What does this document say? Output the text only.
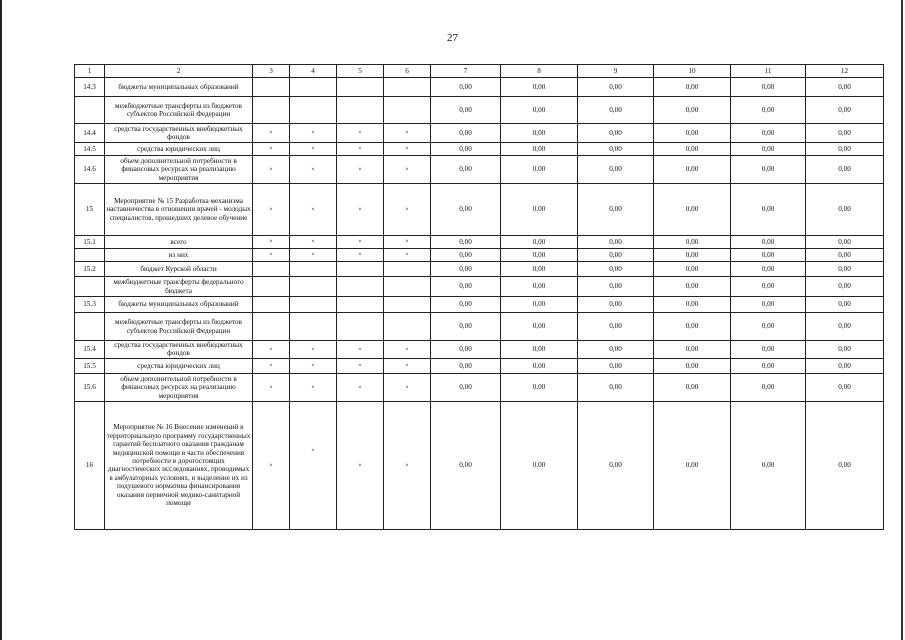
27
1	2	3	4	5	6	7	8	9	10	11	12
14.3	бюджеты муниципальных образований					0,00	0,00	0,00	0,00	0,00	0,00
	межбюджетные трансферты из бюджетов субъектов Российской Федерации					0,00	0,00	0,00	0,00	0,00	0,00
14.4	средства государственных внебюджетных фондов	×	×	×	×	0,00	0,00	0,00	0,00	0,00	0,00
14.5	средства юридических лиц	×	×	×	×	0,00	0,00	0,00	0,00	0,00	0,00
14.6	объем дополнительной потребности в финансовых ресурсах на реализацию мероприятия	×	×	×	×	0,00	0,00	0,00	0,00	0,00	0,00
15	Мероприятие № 15 Разработка механизма наставничества в отношении врачей - молодых специалистов, прошедших целевое обучение	×	×	×	×	0,00	0,00	0,00	0,00	0,00	0,00
15.1	всего	×	×	×	×	0,00	0,00	0,00	0,00	0,00	0,00
	из них	×	×	×	×	0,00	0,00	0,00	0,00	0,00	0,00
15.2	бюджет Курской области					0,00	0,00	0,00	0,00	0,00	0,00
	межбюджетные трансферты федерального бюджета					0,00	0,00	0,00	0,00	0,00	0,00
15.3	бюджеты муниципальных образований					0,00	0,00	0,00	0,00	0,00	0,00
	межбюджетные трансферты из бюджетов субъектов Российской Федерации					0,00	0,00	0,00	0,00	0,00	0,00
15.4	средства государственных внебюджетных фондов	×	×	×	×	0,00	0,00	0,00	0,00	0,00	0,00
15.5	средства юридических лиц	×	×	×	×	0,00	0,00	0,00	0,00	0,00	0,00
15.6	объем дополнительной потребности в финансовых ресурсах на реализацию мероприятия	×	×	×	×	0,00	0,00	0,00	0,00	0,00	0,00
16	Мероприятие № 16 Внесение изменений в территориальную программу государственных гарантий бесплатного оказания гражданам медицинской помощи в части обеспечения потребности в дорогостоящих диагностических исследованиях, проводимых в амбулаторных условиях, и выделение их из подушевого норматива финансирования оказания первичной медико-санитарной помощи	×	×	×	×	0,00	0,00	0,00	0,00	0,00	0,00
